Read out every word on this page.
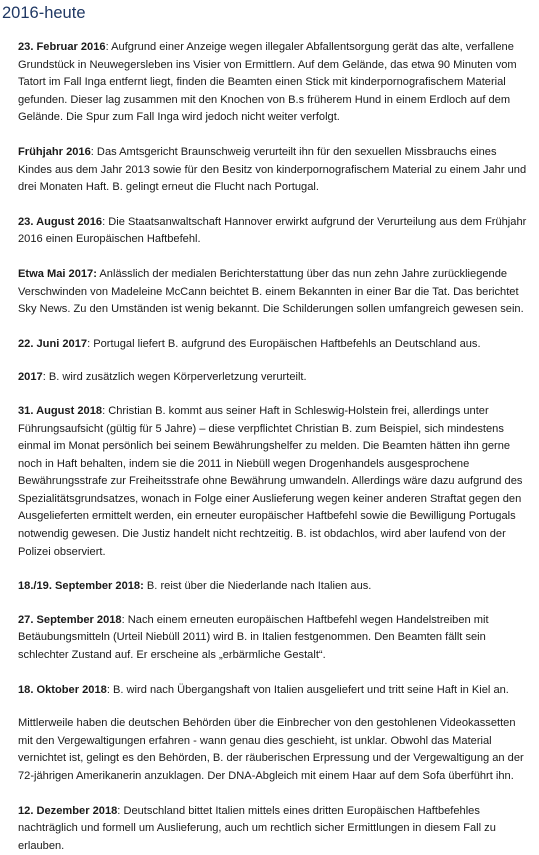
2016-heute

23. Februar 2016: Aufgrund einer Anzeige wegen illegaler Abfallentsorgung gerät das alte, verfallene Grundstück in Neuwegersleben ins Visier von Ermittlern. Auf dem Gelände, das etwa 90 Minuten vom Tatort im Fall Inga entfernt liegt, finden die Beamten einen Stick mit kinderpornografischem Material gefunden. Dieser lag zusammen mit den Knochen von B.s früherem Hund in einem Erdloch auf dem Gelände. Die Spur zum Fall Inga wird jedoch nicht weiter verfolgt.

Frühjahr 2016: Das Amtsgericht Braunschweig verurteilt ihn für den sexuellen Missbrauchs eines Kindes aus dem Jahr 2013 sowie für den Besitz von kinderpornografischem Material zu einem Jahr und drei Monaten Haft. B. gelingt erneut die Flucht nach Portugal.

23. August 2016: Die Staatsanwaltschaft Hannover erwirkt aufgrund der Verurteilung aus dem Frühjahr 2016 einen Europäischen Haftbefehl.

Etwa Mai 2017: Anlässlich der medialen Berichterstattung über das nun zehn Jahre zurückliegende Verschwinden von Madeleine McCann beichtet B. einem Bekannten in einer Bar die Tat. Das berichtet Sky News. Zu den Umständen ist wenig bekannt. Die Schilderungen sollen umfangreich gewesen sein.

22. Juni 2017: Portugal liefert B. aufgrund des Europäischen Haftbefehls an Deutschland aus.

2017: B. wird zusätzlich wegen Körperverletzung verurteilt.

31. August 2018: Christian B. kommt aus seiner Haft in Schleswig-Holstein frei, allerdings unter Führungsaufsicht (gültig für 5 Jahre) – diese verpflichtet Christian B. zum Beispiel, sich mindestens einmal im Monat persönlich bei seinem Bewährungshelfer zu melden. Die Beamten hätten ihn gerne noch in Haft behalten, indem sie die 2011 in Niebüll wegen Drogenhandels ausgesprochene Bewährungsstrafe zur Freiheitsstrafe ohne Bewährung umwandeln. Allerdings wäre dazu aufgrund des Spezialitätsgrundsatzes, wonach in Folge einer Auslieferung wegen keiner anderen Straftat gegen den Ausgelieferten ermittelt werden, ein erneuter europäischer Haftbefehl sowie die Bewilligung Portugals notwendig gewesen. Die Justiz handelt nicht rechtzeitig. B. ist obdachlos, wird aber laufend von der Polizei observiert.

18./19. September 2018: B. reist über die Niederlande nach Italien aus.

27. September 2018: Nach einem erneuten europäischen Haftbefehl wegen Handelstreiben mit Betäubungsmitteln (Urteil Niebüll 2011) wird B. in Italien festgenommen. Den Beamten fällt sein schlechter Zustand auf. Er erscheine als „erbärmliche Gestalt“.

18. Oktober 2018: B. wird nach Übergangshaft von Italien ausgeliefert und tritt seine Haft in Kiel an.

Mittlerweile haben die deutschen Behörden über die Einbrecher von den gestohlenen Videokassetten mit den Vergewaltigungen erfahren - wann genau dies geschieht, ist unklar. Obwohl das Material vernichtet ist, gelingt es den Behörden, B. der räuberischen Erpressung und der Vergewaltigung an der 72-jährigen Amerikanerin anzuklagen. Der DNA-Abgleich mit einem Haar auf dem Sofa überführt ihn.

12. Dezember 2018: Deutschland bittet Italien mittels eines dritten Europäischen Haftbefehles nachträglich und formell um Auslieferung, auch um rechtlich sicher Ermittlungen in diesem Fall zu erlauben.
